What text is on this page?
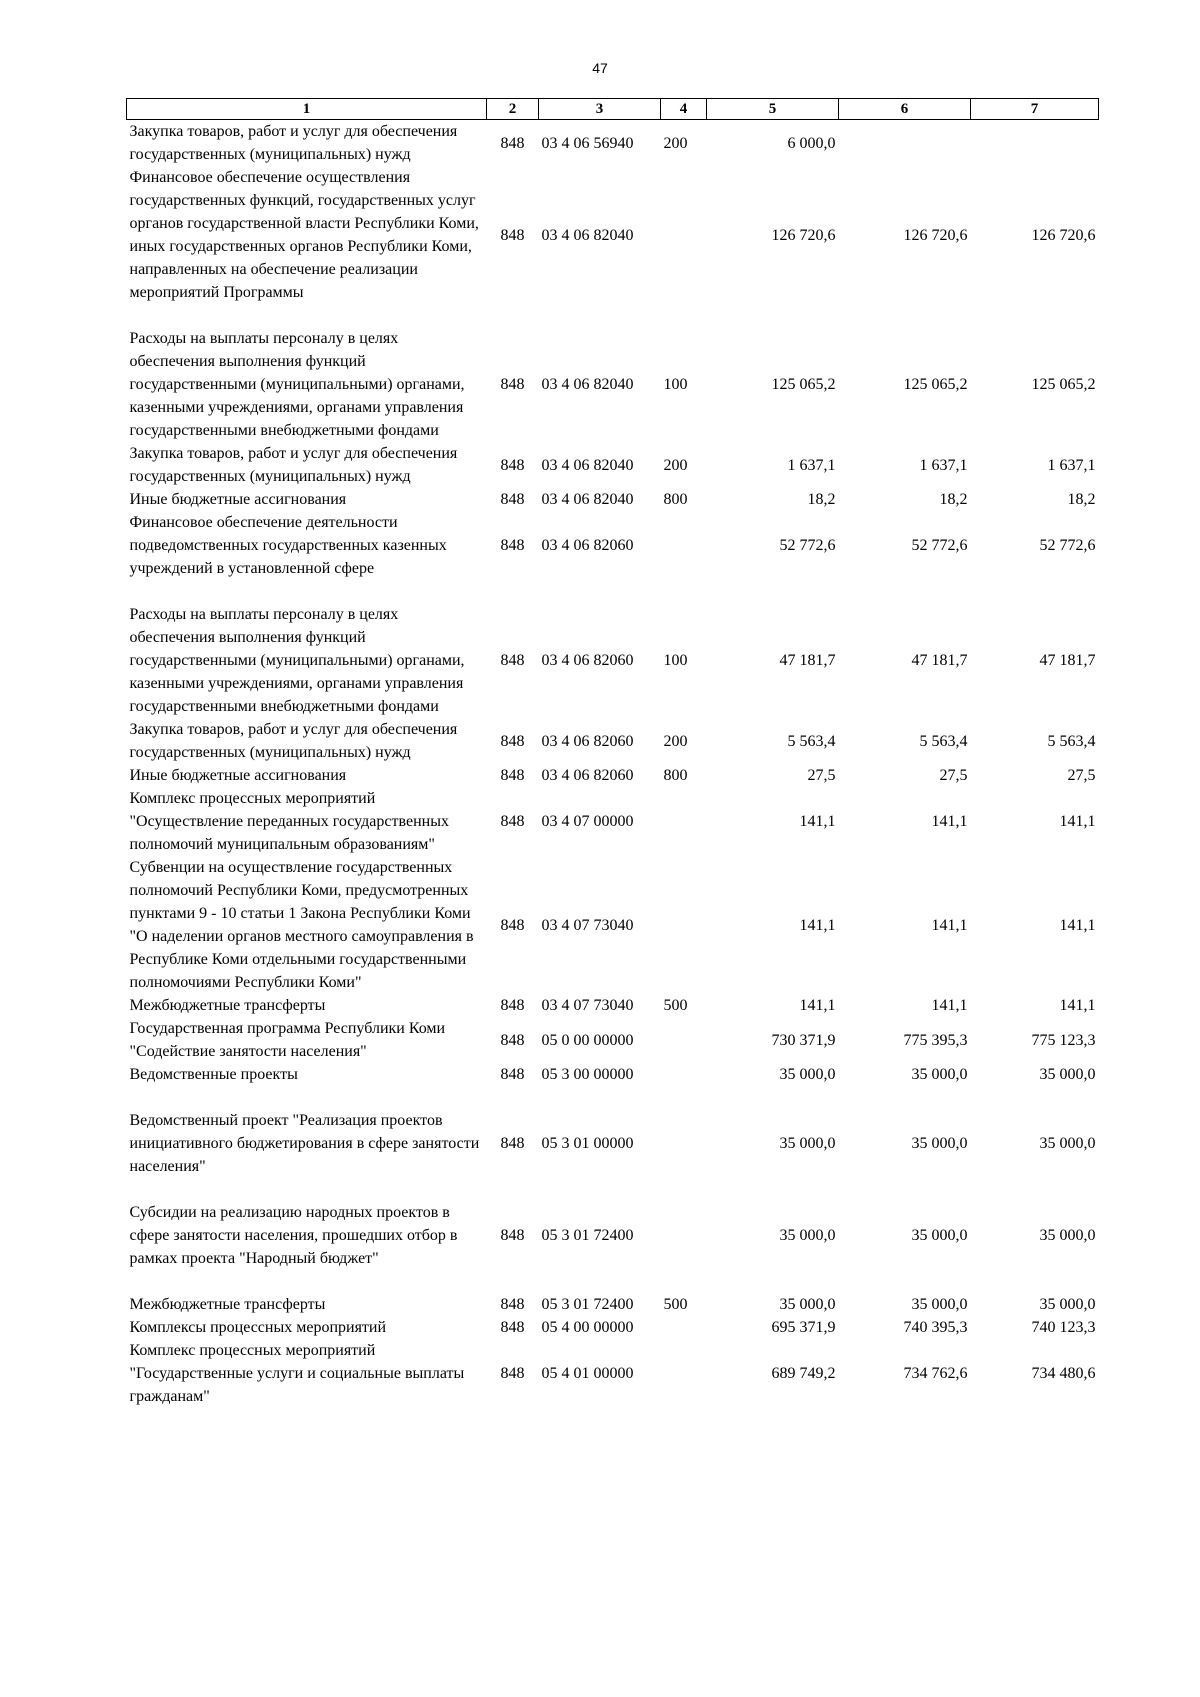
47
1	2	3	4	5	6	7
Закупка товаров, работ и услуг для обеспечения государственных (муниципальных) нужд	848	03 4 06 56940	200	6 000,0		
Финансовое обеспечение осуществления государственных функций, государственных услуг органов государственной власти Республики Коми, иных государственных органов Республики Коми, направленных на обеспечение реализации мероприятий Программы	848	03 4 06 82040		126 720,6	126 720,6	126 720,6
Расходы на выплаты персоналу в целях обеспечения выполнения функций государственными (муниципальными) органами, казенными учреждениями, органами управления государственными внебюджетными фондами	848	03 4 06 82040	100	125 065,2	125 065,2	125 065,2
Закупка товаров, работ и услуг для обеспечения государственных (муниципальных) нужд	848	03 4 06 82040	200	1 637,1	1 637,1	1 637,1
Иные бюджетные ассигнования	848	03 4 06 82040	800	18,2	18,2	18,2
Финансовое обеспечение деятельности подведомственных государственных казенных учреждений в установленной сфере	848	03 4 06 82060		52 772,6	52 772,6	52 772,6
Расходы на выплаты персоналу в целях обеспечения выполнения функций государственными (муниципальными) органами, казенными учреждениями, органами управления государственными внебюджетными фондами	848	03 4 06 82060	100	47 181,7	47 181,7	47 181,7
Закупка товаров, работ и услуг для обеспечения государственных (муниципальных) нужд	848	03 4 06 82060	200	5 563,4	5 563,4	5 563,4
Иные бюджетные ассигнования	848	03 4 06 82060	800	27,5	27,5	27,5
Комплекс процессных мероприятий "Осуществление переданных государственных полномочий муниципальным образованиям"	848	03 4 07 00000		141,1	141,1	141,1
Субвенции на осуществление государственных полномочий Республики Коми, предусмотренных пунктами 9 - 10 статьи 1 Закона Республики Коми "О наделении органов местного самоуправления в Республике Коми отдельными государственными полномочиями Республики Коми"	848	03 4 07 73040		141,1	141,1	141,1
Межбюджетные трансферты	848	03 4 07 73040	500	141,1	141,1	141,1
Государственная программа Республики Коми "Содействие занятости населения"	848	05 0 00 00000		730 371,9	775 395,3	775 123,3
Ведомственные проекты	848	05 3 00 00000		35 000,0	35 000,0	35 000,0
Ведомственный проект "Реализация проектов инициативного бюджетирования в сфере занятости населения"	848	05 3 01 00000		35 000,0	35 000,0	35 000,0
Субсидии на реализацию народных проектов в сфере занятости населения, прошедших отбор в рамках проекта "Народный бюджет"	848	05 3 01 72400		35 000,0	35 000,0	35 000,0
Межбюджетные трансферты	848	05 3 01 72400	500	35 000,0	35 000,0	35 000,0
Комплексы процессных мероприятий	848	05 4 00 00000		695 371,9	740 395,3	740 123,3
Комплекс процессных мероприятий "Государственные услуги и социальные выплаты гражданам"	848	05 4 01 00000		689 749,2	734 762,6	734 480,6
